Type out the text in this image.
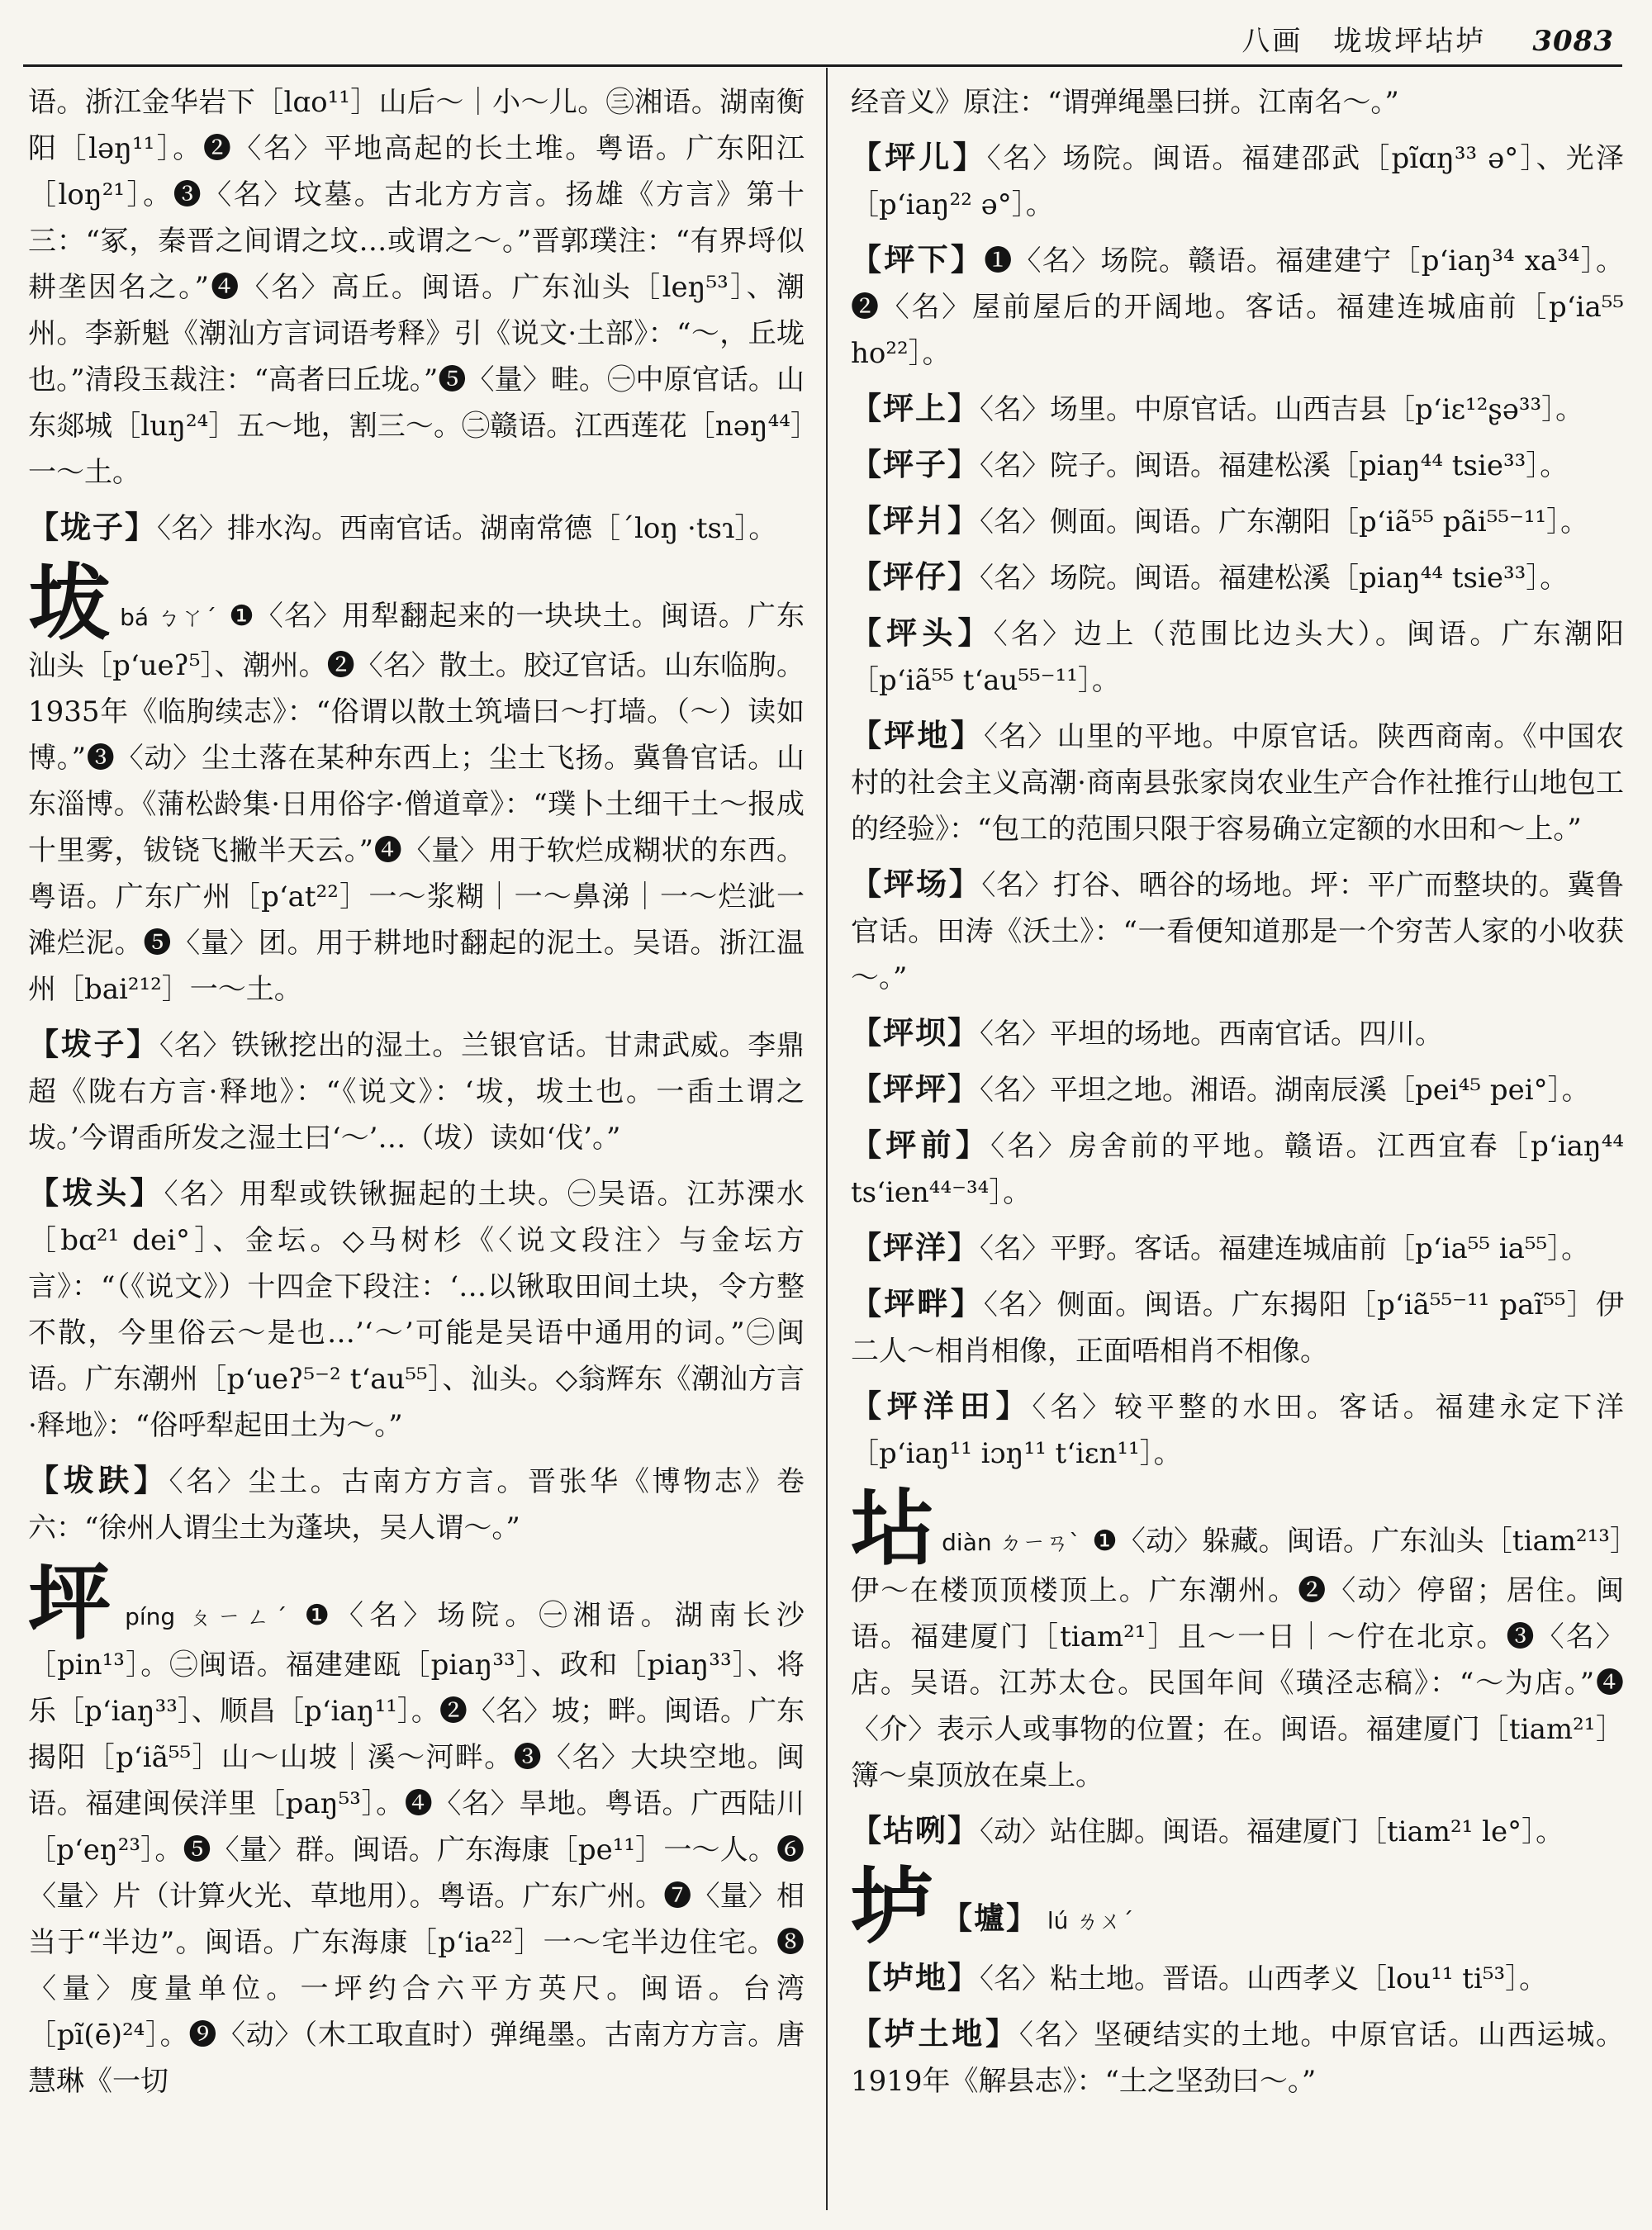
八画　垅坺坪坫垆 3083

语。浙江金华岩下［lɑo¹¹］山后～｜小～儿。㊂湘语。湖南衡阳［ləŋ¹¹］。❷〈名〉平地高起的长土堆。粤语。广东阳江［loŋ²¹］。❸〈名〉坟墓。古北方方言。扬雄《方言》第十三：“冢，秦晋之间谓之坟…或谓之～。”晋郭璞注：“有界埒似耕垄因名之。”❹〈名〉高丘。闽语。广东汕头［leŋ⁵³］、潮州。李新魁《潮汕方言词语考释》引《说文·土部》：“～，丘垅也。”清段玉裁注：“高者曰丘垅。”❺〈量〉畦。㊀中原官话。山东郯城［luŋ²⁴］五～地，割三～。㊁赣语。江西莲花［nəŋ⁴⁴］一～土。

【垅子】〈名〉排水沟。西南官话。湖南常德［ˊloŋ ·tsɿ］。

坺bá ㄅㄚˊ ❶〈名〉用犁翻起来的一块块土。闽语。广东汕头［pʻueʔ⁵］、潮州。❷〈名〉散土。胶辽官话。山东临朐。1935年《临朐续志》：“俗谓以散土筑墙曰～打墙。（～）读如博。”❸〈动〉尘土落在某种东西上；尘土飞扬。冀鲁官话。山东淄博。《蒲松龄集·日用俗字·僧道章》：“璞卜土细干土～报成十里雾，钹铙飞撇半天云。”❹〈量〉用于软烂成糊状的东西。粤语。广东广州［pʻat²²］一～浆糊｜一～鼻涕｜一～烂泚一滩烂泥。❺〈量〉团。用于耕地时翻起的泥土。吴语。浙江温州［bai²¹²］一～土。

【坺子】〈名〉铁锹挖出的湿土。兰银官话。甘肃武威。李鼎超《陇右方言·释地》：“《说文》：‘坺，坺土也。一臿土谓之坺。’今谓臿所发之湿土曰‘～’…（坺）读如‘伐’。”

【坺头】〈名〉用犁或铁锹掘起的土块。㊀吴语。江苏溧水［bɑ²¹ dei°］、金坛。◇马树杉《〈说文段注〉与金坛方言》：“（《说文》）十四佱下段注：‘…以锹取田间土块，令方整不散，今里俗云～是也…’‘～’可能是吴语中通用的词。”㊁闽语。广东潮州［pʻueʔ⁵⁻² tʻau⁵⁵］、汕头。◇翁辉东《潮汕方言·释地》：“俗呼犁起田土为～。”

【坺趺】〈名〉尘土。古南方方言。晋张华《博物志》卷六：“徐州人谓尘土为蓬块，吴人谓～。”

坪píng ㄆㄧㄥˊ ❶〈名〉场院。㊀湘语。湖南长沙［pin¹³］。㊁闽语。福建建瓯［piaŋ³³］、政和［piaŋ³³］、将乐［pʻiaŋ³³］、顺昌［pʻiaŋ¹¹］。❷〈名〉坡；畔。闽语。广东揭阳［pʻiã⁵⁵］山～山坡｜溪～河畔。❸〈名〉大块空地。闽语。福建闽侯洋里［paŋ⁵³］。❹〈名〉旱地。粤语。广西陆川［pʻeŋ²³］。❺〈量〉群。闽语。广东海康［pe¹¹］一～人。❻〈量〉片（计算火光、草地用）。粤语。广东广州。❼〈量〉相当于“半边”。闽语。广东海康［pʻia²²］一～宅半边住宅。❽〈量〉度量单位。一坪约合六平方英尺。闽语。台湾［pĩ(ē)²⁴］。❾〈动〉（木工取直时）弹绳墨。古南方方言。唐慧琳《一切

经音义》原注：“谓弹绳墨曰拼。江南名～。”

【坪儿】〈名〉场院。闽语。福建邵武［pĩɑŋ³³ ə°］、光泽［pʻiaŋ²² ə°］。

【坪下】❶〈名〉场院。赣语。福建建宁［pʻiaŋ³⁴ xa³⁴］。❷〈名〉屋前屋后的开阔地。客话。福建连城庙前［pʻia⁵⁵ ho²²］。

【坪上】〈名〉场里。中原官话。山西吉县［pʻiɛ¹²ʂə³³］。

【坪子】〈名〉院子。闽语。福建松溪［piaŋ⁴⁴ tsie³³］。

【坪爿】〈名〉侧面。闽语。广东潮阳［pʻiã⁵⁵ pãi⁵⁵⁻¹¹］。

【坪仔】〈名〉场院。闽语。福建松溪［piaŋ⁴⁴ tsie³³］。

【坪头】〈名〉边上（范围比边头大）。闽语。广东潮阳［pʻiã⁵⁵ tʻau⁵⁵⁻¹¹］。

【坪地】〈名〉山里的平地。中原官话。陕西商南。《中国农村的社会主义高潮·商南县张家岗农业生产合作社推行山地包工的经验》：“包工的范围只限于容易确立定额的水田和～上。”

【坪场】〈名〉打谷、晒谷的场地。坪：平广而整块的。冀鲁官话。田涛《沃土》：“一看便知道那是一个穷苦人家的小收获～。”

【坪坝】〈名〉平坦的场地。西南官话。四川。

【坪坪】〈名〉平坦之地。湘语。湖南辰溪［pei⁴⁵ pei°］。

【坪前】〈名〉房舍前的平地。赣语。江西宜春［pʻiaŋ⁴⁴ tsʻien⁴⁴⁻³⁴］。

【坪洋】〈名〉平野。客话。福建连城庙前［pʻia⁵⁵ ia⁵⁵］。

【坪畔】〈名〉侧面。闽语。广东揭阳［pʻiã⁵⁵⁻¹¹ paĩ⁵⁵］伊二人～相肖相像，正面唔相肖不相像。

【坪洋田】〈名〉较平整的水田。客话。福建永定下洋［pʻiaŋ¹¹ iɔŋ¹¹ tʻiɛn¹¹］。

坫diàn ㄉㄧㄢˋ ❶〈动〉躲藏。闽语。广东汕头［tiam²¹³］伊～在楼顶顶楼顶上。广东潮州。❷〈动〉停留；居住。闽语。福建厦门［tiam²¹］且～一日｜～佇在北京。❸〈名〉店。吴语。江苏太仓。民国年间《璜泾志稿》：“～为店。”❹〈介〉表示人或事物的位置；在。闽语。福建厦门［tiam²¹］簿～桌顶放在桌上。

【坫咧】〈动〉站住脚。闽语。福建厦门［tiam²¹ le°］。

垆 【壚】 lú ㄌㄨˊ

【垆地】〈名〉粘土地。晋语。山西孝义［lou¹¹ ti⁵³］。

【垆土地】〈名〉坚硬结实的土地。中原官话。山西运城。1919年《解县志》：“土之坚劲曰～。”
